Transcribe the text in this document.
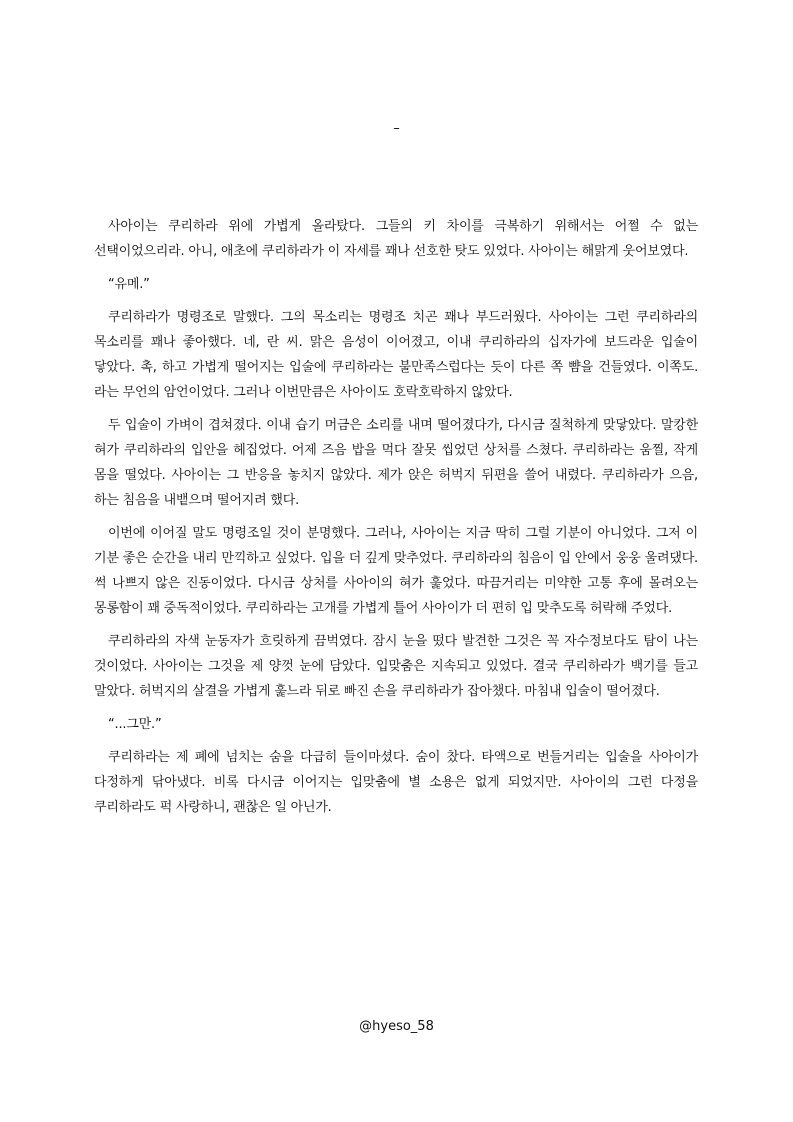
–

사아이는 쿠리하라 위에 가볍게 올라탔다. 그들의 키 차이를 극복하기 위해서는 어쩔 수 없는 선택이었으리라. 아니, 애초에 쿠리하라가 이 자세를 꽤나 선호한 탓도 있었다. 사아이는 해맑게 웃어보였다.

“유메.”

쿠리하라가 명령조로 말했다. 그의 목소리는 명령조 치곤 꽤나 부드러웠다. 사아이는 그런 쿠리하라의 목소리를 꽤나 좋아했다. 네, 란 씨. 맑은 음성이 이어졌고, 이내 쿠리하라의 십자가에 보드라운 입술이 닿았다. 촉, 하고 가볍게 떨어지는 입술에 쿠리하라는 불만족스럽다는 듯이 다른 쪽 뺨을 건들였다. 이쪽도. 라는 무언의 암언이었다. 그러나 이번만큼은 사아이도 호락호락하지 않았다.

두 입술이 가벼이 겹쳐졌다. 이내 습기 머금은 소리를 내며 떨어졌다가, 다시금 질척하게 맞닿았다. 말캉한 혀가 쿠리하라의 입안을 헤집었다. 어제 즈음 밥을 먹다 잘못 씹었던 상처를 스쳤다. 쿠리하라는 움찔, 작게 몸을 떨었다. 사아이는 그 반응을 놓치지 않았다. 제가 앉은 허벅지 뒤편을 쓸어 내렸다. 쿠리하라가 으음, 하는 침음을 내뱉으며 떨어지려 했다.

이번에 이어질 말도 명령조일 것이 분명했다. 그러나, 사아이는 지금 딱히 그럴 기분이 아니었다. 그저 이 기분 좋은 순간을 내리 만끽하고 싶었다. 입을 더 깊게 맞추었다. 쿠리하라의 침음이 입 안에서 웅웅 울려댔다. 썩 나쁘지 않은 진동이었다. 다시금 상처를 사아이의 혀가 훑었다. 따끔거리는 미약한 고통 후에 몰려오는 몽롱함이 꽤 중독적이었다. 쿠리하라는 고개를 가볍게 틀어 사아이가 더 편히 입 맞추도록 허락해 주었다.

쿠리하라의 자색 눈동자가 흐릿하게 끔벅였다. 잠시 눈을 떴다 발견한 그것은 꼭 자수정보다도 탐이 나는 것이었다. 사아이는 그것을 제 양껏 눈에 담았다. 입맞춤은 지속되고 있었다. 결국 쿠리하라가 백기를 들고 말았다. 허벅지의 살결을 가볍게 훑느라 뒤로 빠진 손을 쿠리하라가 잡아챘다. 마침내 입술이 떨어졌다.

“...그만.”

쿠리하라는 제 폐에 넘치는 숨을 다급히 들이마셨다. 숨이 찼다. 타액으로 번들거리는 입술을 사아이가 다정하게 닦아냈다. 비록 다시금 이어지는 입맞춤에 별 소용은 없게 되었지만. 사아이의 그런 다정을 쿠리하라도 퍽 사랑하니, 괜찮은 일 아닌가.

@hyeso_58
